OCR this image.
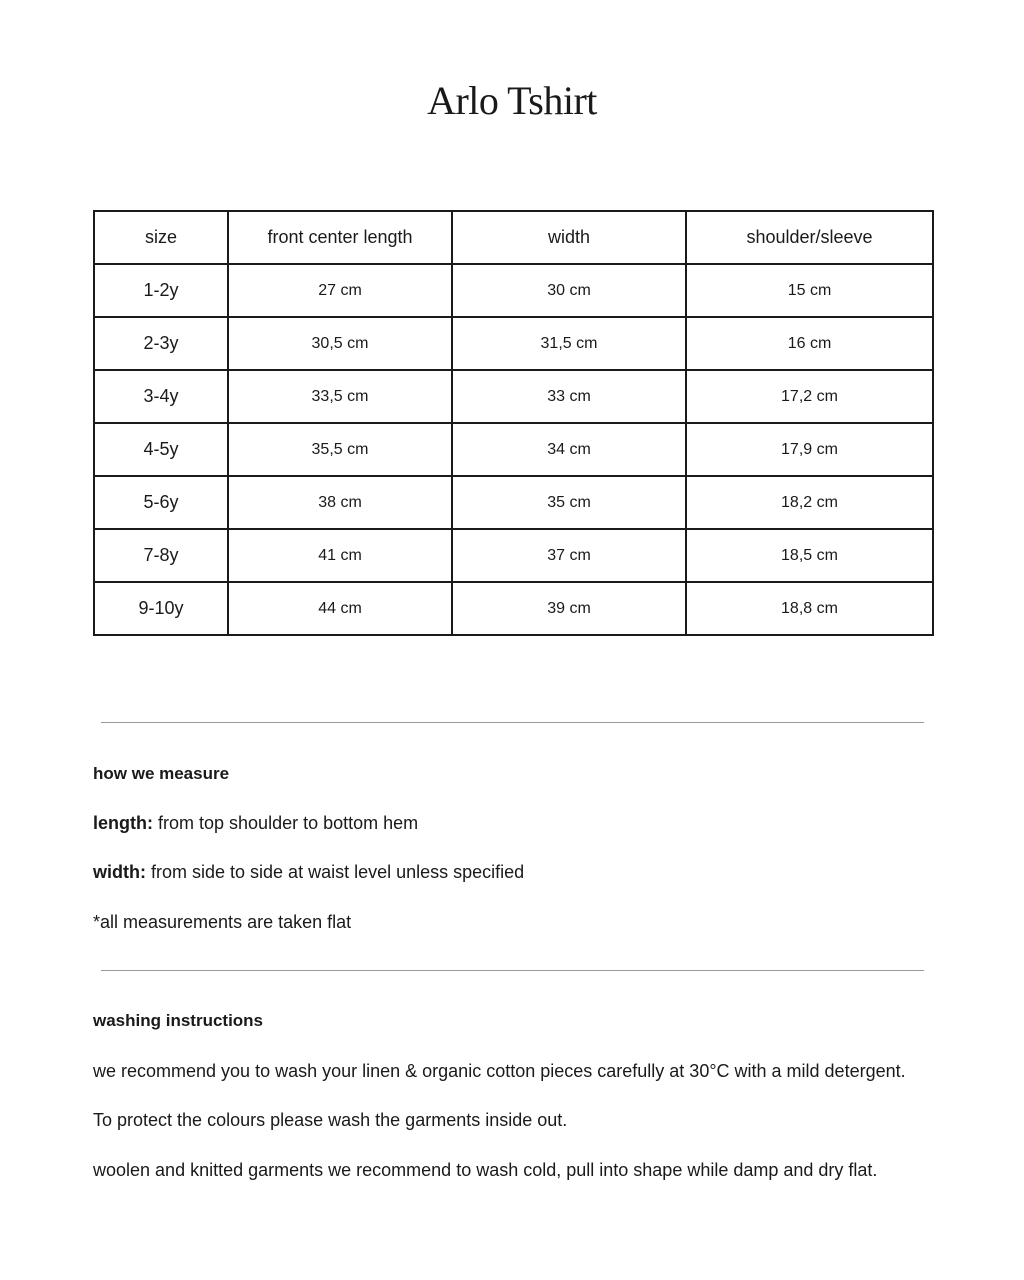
Arlo Tshirt
size	front center length	width	shoulder/sleeve
1-2y	27 cm	30 cm	15 cm
2-3y	30,5 cm	31,5 cm	16 cm
3-4y	33,5 cm	33 cm	17,2 cm
4-5y	35,5 cm	34 cm	17,9 cm
5-6y	38 cm	35 cm	18,2 cm
7-8y	41 cm	37 cm	18,5 cm
9-10y	44 cm	39 cm	18,8 cm
how we measure

length: from top shoulder to bottom hem

width: from side to side at waist level unless specified

*all measurements are taken flat

washing instructions

we recommend you to wash your linen & organic cotton pieces carefully at 30°C with a mild detergent.

To protect the colours please wash the garments inside out.

woolen and knitted garments we recommend to wash cold, pull into shape while damp and dry flat.
